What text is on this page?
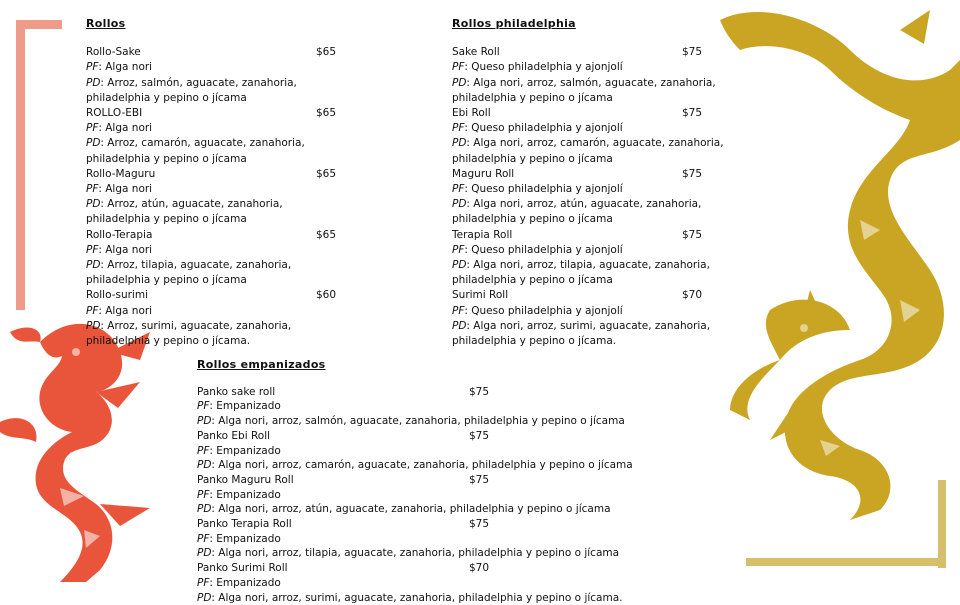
Rollos
Rollo-Sake	$65
PF: Alga nori
PD: Arroz, salmón, aguacate, zanahoria,
philadelphia y pepino o jícama
ROLLO-EBI	$65
PF: Alga nori
PD: Arroz, camarón, aguacate, zanahoria,
philadelphia y pepino o jícama
Rollo-Maguru	$65
PF: Alga nori
PD: Arroz, atún, aguacate, zanahoria,
philadelphia y pepino o jícama
Rollo-Terapia	$65
PF: Alga nori
PD: Arroz, tilapia, aguacate, zanahoria,
philadelphia y pepino o jícama
Rollo-surimi	$60
PF: Alga nori
PD: Arroz, surimi, aguacate, zanahoria,
philadelphia y pepino o jícama.
Rollos philadelphia
Sake Roll	$75
PF: Queso philadelphia y ajonjolí
PD: Alga nori, arroz, salmón, aguacate, zanahoria,
philadelphia y pepino o jícama
Ebi Roll	$75
PF: Queso philadelphia y ajonjolí
PD: Alga nori, arroz, camarón, aguacate, zanahoria,
philadelphia y pepino o jícama
Maguru Roll	$75
PF: Queso philadelphia y ajonjolí
PD: Alga nori, arroz, atún, aguacate, zanahoria,
philadelphia y pepino o jícama
Terapia Roll	$75
PF: Queso philadelphia y ajonjolí
PD: Alga nori, arroz, tilapia, aguacate, zanahoria,
philadelphia y pepino o jícama
Surimi Roll	$70
PF: Queso philadelphia y ajonjolí
PD: Alga nori, arroz, surimi, aguacate, zanahoria,
philadelphia y pepino o jícama.
Rollos empanizados
Panko sake roll	$75
PF: Empanizado
PD: Alga nori, arroz, salmón, aguacate, zanahoria, philadelphia y pepino o jícama
Panko Ebi Roll	$75
PF: Empanizado
PD: Alga nori, arroz, camarón, aguacate, zanahoria, philadelphia y pepino o jícama
Panko Maguru Roll	$75
PF: Empanizado
PD: Alga nori, arroz, atún, aguacate, zanahoria, philadelphia y pepino o jícama
Panko Terapia Roll	$75
PF: Empanizado
PD: Alga nori, arroz, tilapia, aguacate, zanahoria, philadelphia y pepino o jícama
Panko Surimi Roll	$70
PF: Empanizado
PD: Alga nori, arroz, surimi, aguacate, zanahoria, philadelphia y pepino o jícama.
